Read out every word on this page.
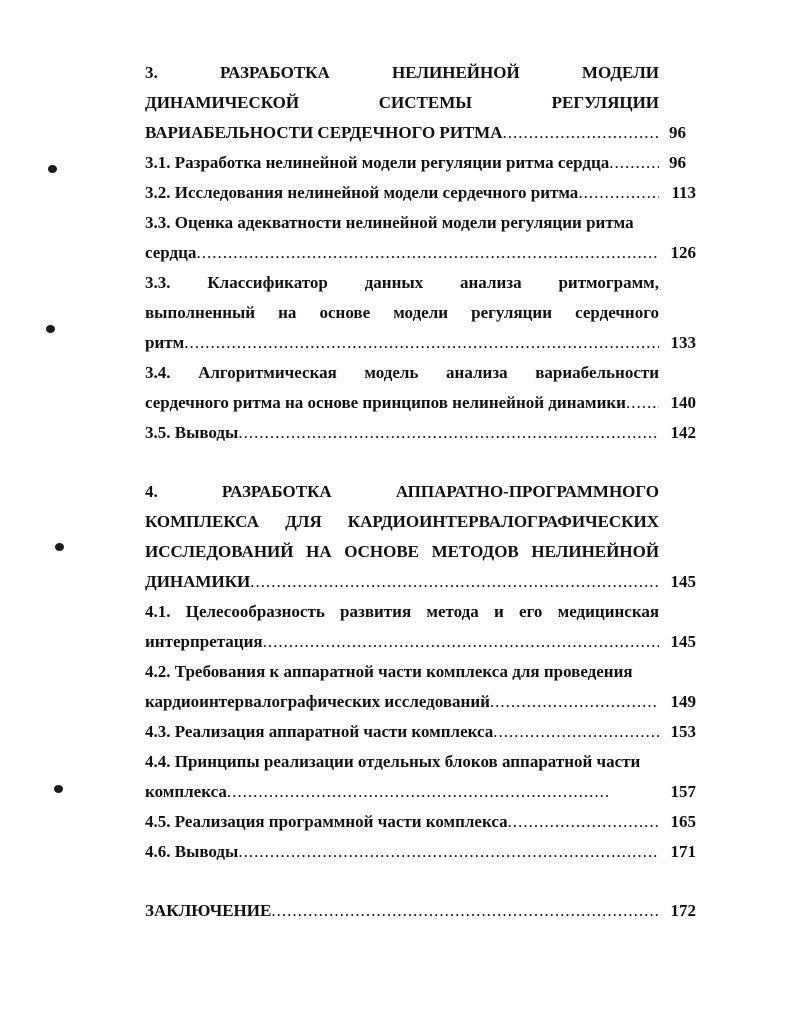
3.	РАЗРАБОТКА	НЕЛИНЕЙНОЙ	МОДЕЛИ
ДИНАМИЧЕСКОЙ	СИСТЕМЫ	РЕГУЛЯЦИИ
ВАРИАБЕЛЬНОСТИ СЕРДЕЧНОГО РИТМА .....	96
3.1. Разработка нелинейной модели регуляции ритма сердца .....	96
3.2. Исследования нелинейной модели сердечного ритма .....	113
3.3. Оценка адекватности нелинейной модели регуляции ритма
сердца .....	126
3.3. Классификатор данных анализа ритмограмм,
выполненный на основе модели регуляции сердечного
ритм .....	133
3.4. Алгоритмическая модель анализа вариабельности
сердечного ритма на основе принципов нелинейной динамики .....	140
3.5. Выводы .....	142
4.	РАЗРАБОТКА	АППАРАТНО-ПРОГРАММНОГО
КОМПЛЕКСА ДЛЯ КАРДИОИНТЕРВАЛОГРАФИЧЕСКИХ
ИССЛЕДОВАНИЙ НА ОСНОВЕ МЕТОДОВ НЕЛИНЕЙНОЙ
ДИНАМИКИ .....	145
4.1. Целесообразность развития метода и его медицинская
интерпретация .....	145
4.2. Требования к аппаратной части комплекса для проведения
кардиоинтервалографических исследований .....	149
4.3. Реализация аппаратной части комплекса .....	153
4.4. Принципы реализации отдельных блоков аппаратной части
комплекса .....	157
4.5. Реализация программной части комплекса .....	165
4.6. Выводы .....	171
ЗАКЛЮЧЕНИЕ .....	172
